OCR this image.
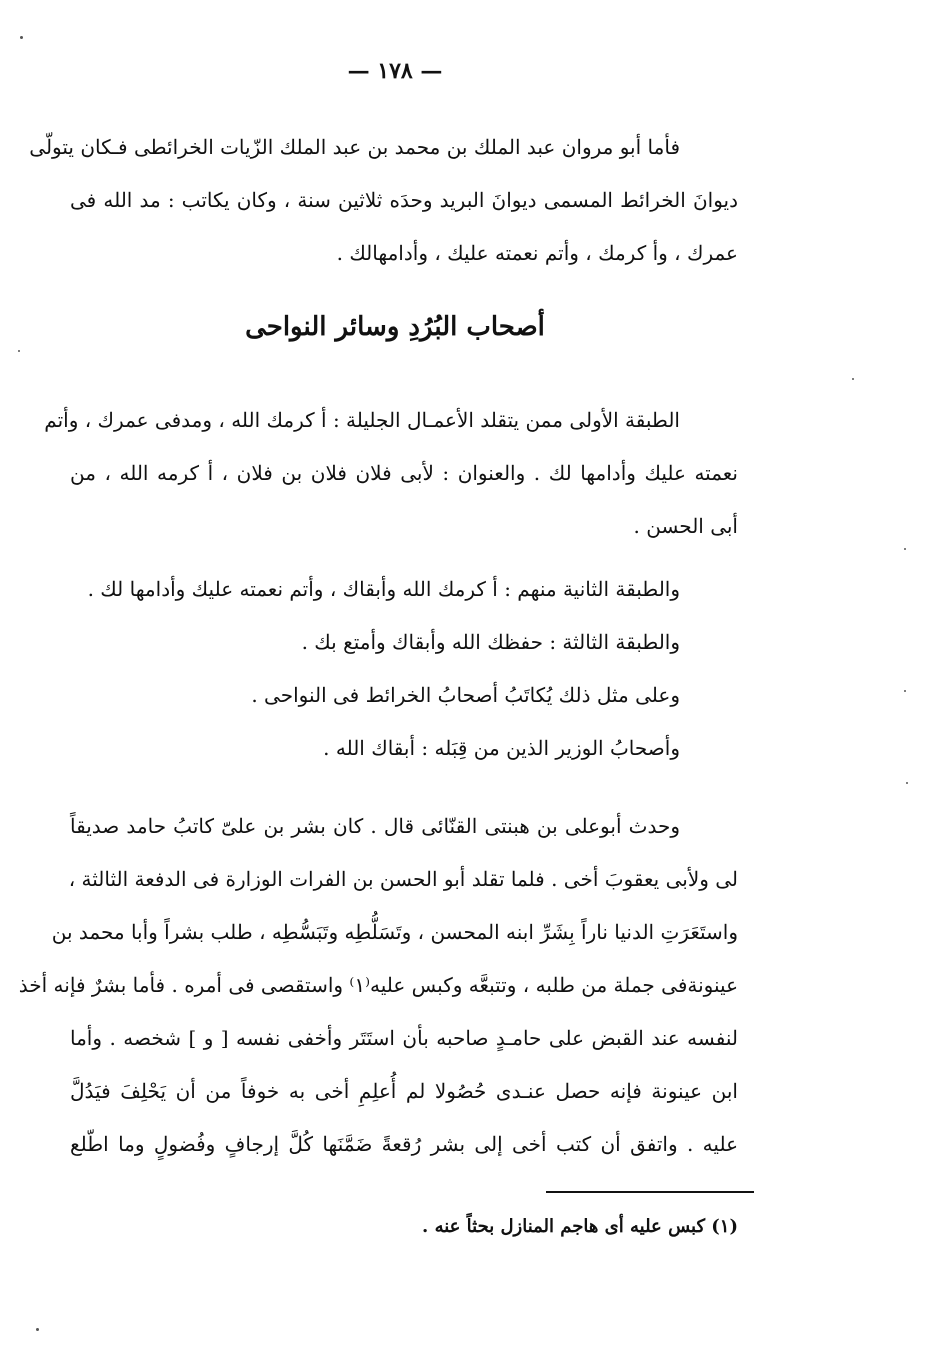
— ١٧٨ —
فأما أبو مروان عبد الملك بن محمد بن عبد الملك الزّيات الخرائطى فـكان يتولّى
ديوانَ الخرائط المسمى ديوانَ البريد وحدَه ثلاثين سنة ، وكان يكاتب : مد الله فى
عمرك ، وأ كرمك ، وأتم نعمته عليك ، وأدامهالك .
أصحاب البُرُدِ وسائر النواحى
الطبقة الأولى ممن يتقلد الأعمـال الجليلة : أ كرمك الله ، ومدفى عمرك ، وأتم
نعمته عليك وأدامها لك . والعنوان : لأبى فلان فلان بن فلان ، أ كرمه الله ، من
أبى الحسن .
والطبقة الثانية منهم : أ كرمك الله وأبقاك ، وأتم نعمته عليك وأدامها لك .
والطبقة الثالثة : حفظك الله وأبقاك وأمتع بك .
وعلى مثل ذلك يُكاتَبُ أصحابُ الخرائط فى النواحى .
وأصحابُ الوزير الذين من قِبَله : أبقاك الله .
وحدث أبوعلى بن هبنتى القنّائى قال . كان بشر بن علىّ كاتبُ حامد صديقاً
لى ولأبى يعقوبَ أخى . فلما تقلد أبو الحسن بن الفرات الوزارة فى الدفعة الثالثة ،
واستَعَرَتِ الدنيا ناراً بِشَرِّ ابنه المحسن ، وتَسَلُّطِه وتَبَسُّطِه ، طلب بشراً وأبا محمد بن
عينونةفى جملة من طلبه ، وتتبعَّه وكبس عليه⁽١⁾ واستقصى فى أمره . فأما بشرٌ فإنه أخذ
لنفسه عند القبض على حامـدٍ صاحبه بأن استَتَر وأخفى نفسه [ و ] شخصه . وأما
ابن عينونة فإنه حصل عنـدى حُصُولا لم أُعلِمِ أخى به خوفاً من أن يَحْلِفَ فيَدُلَّ
عليه . واتفق أن كتب أخى إلى بشر رُقعةً ضَمَّنَها كُلَّ إرجافٍ وفُضولٍ وما اطّلع
(١) كبس عليه أى هاجم المنازل بحثاً عنه .
